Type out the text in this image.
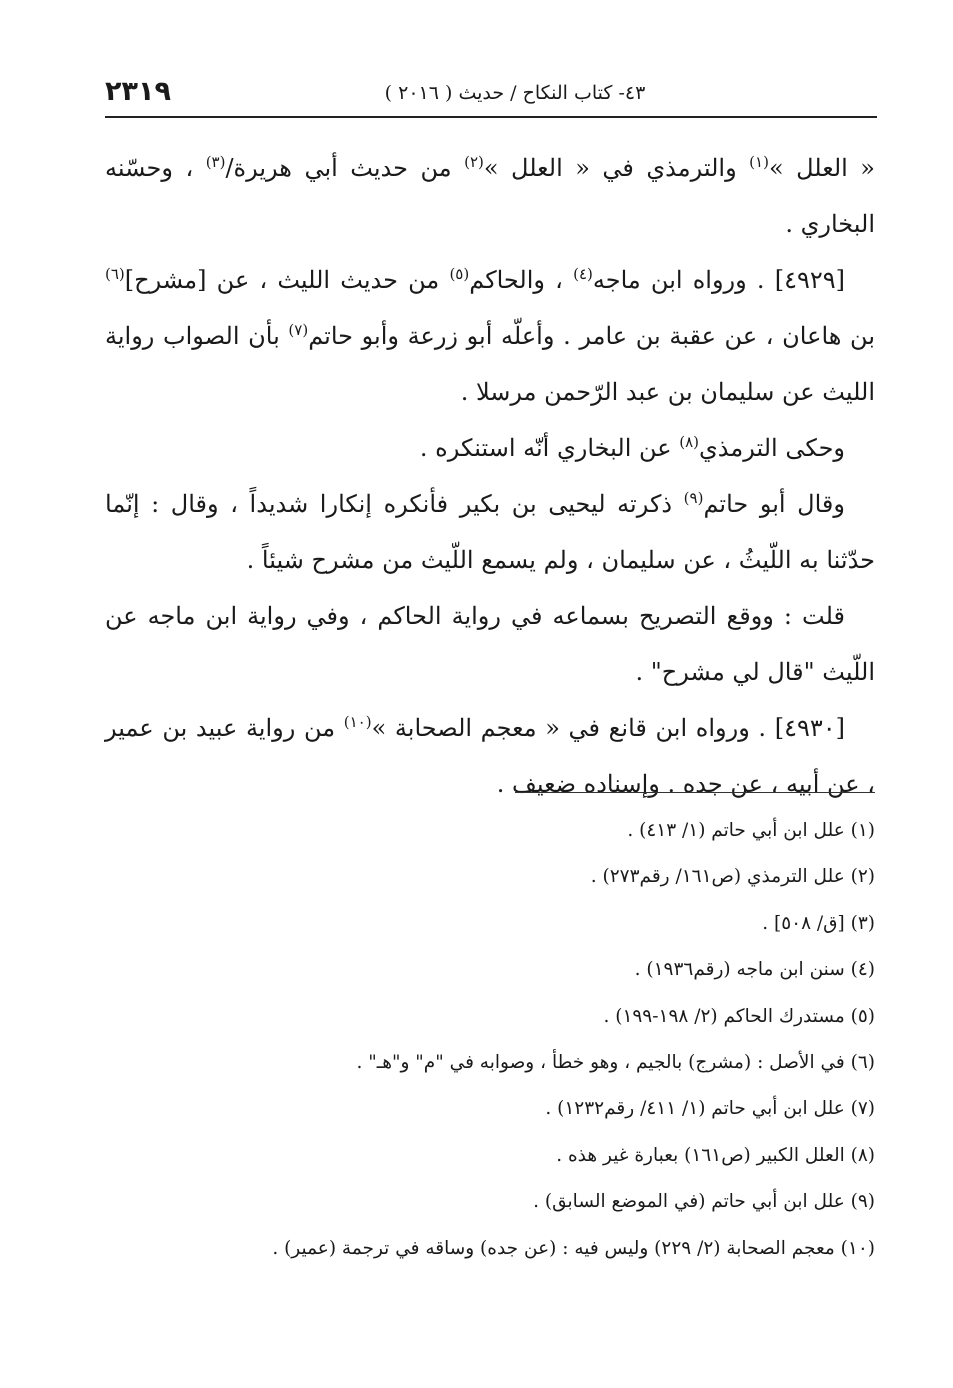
٢٣١٩	٤٣- كتاب النكاح / حديث ( ٢٠١٦ )

« العلل »$^{(١)}$ والترمذي في « العلل »$^{(٢)}$ من حديث أبي هريرة/$^{(٣)}$ ، وحسّنه البخاري .

[٤٩٢٩] . ورواه ابن ماجه$^{(٤)}$ ، والحاكم$^{(٥)}$ من حديث الليث ، عن [مشرح]$^{(٦)}$ بن هاعان ، عن عقبة بن عامر . وأعلّه أبو زرعة وأبو حاتم$^{(٧)}$ بأن الصواب رواية الليث عن سليمان بن عبد الرّحمن مرسلا .

وحكى الترمذي$^{(٨)}$ عن البخاري أنّه استنكره .

وقال أبو حاتم$^{(٩)}$ ذكرته ليحيى بن بكير فأنكره إنكارا شديداً ، وقال : إنّما حدّثنا به اللّيثُ ، عن سليمان ، ولم يسمع اللّيث من مشرح شيئاً .

قلت : ووقع التصريح بسماعه في رواية الحاكم ، وفي رواية ابن ماجه عن اللّيث "قال لي مشرح" .

[٤٩٣٠] . ورواه ابن قانع في « معجم الصحابة »$^{(١٠)}$ من رواية عبيد بن عمير ، عن أبيه ، عن جده . وإسناده ضعيف .

(١) علل ابن أبي حاتم (١/ ٤١٣) .
(٢) علل الترمذي (ص١٦١/ رقم٢٧٣) .
(٣) [ق/ ٥٠٨] .
(٤) سنن ابن ماجه (رقم١٩٣٦) .
(٥) مستدرك الحاكم (٢/ ١٩٨-١٩٩) .
(٦) في الأصل : (مشرج) بالجيم ، وهو خطأ ، وصوابه في "م" و"هـ" .
(٧) علل ابن أبي حاتم (١/ ٤١١/ رقم١٢٣٢) .
(٨) العلل الكبير (ص١٦١) بعبارة غير هذه .
(٩) علل ابن أبي حاتم (في الموضع السابق) .
(١٠) معجم الصحابة (٢/ ٢٢٩) وليس فيه : (عن جده) وساقه في ترجمة (عمير) .
